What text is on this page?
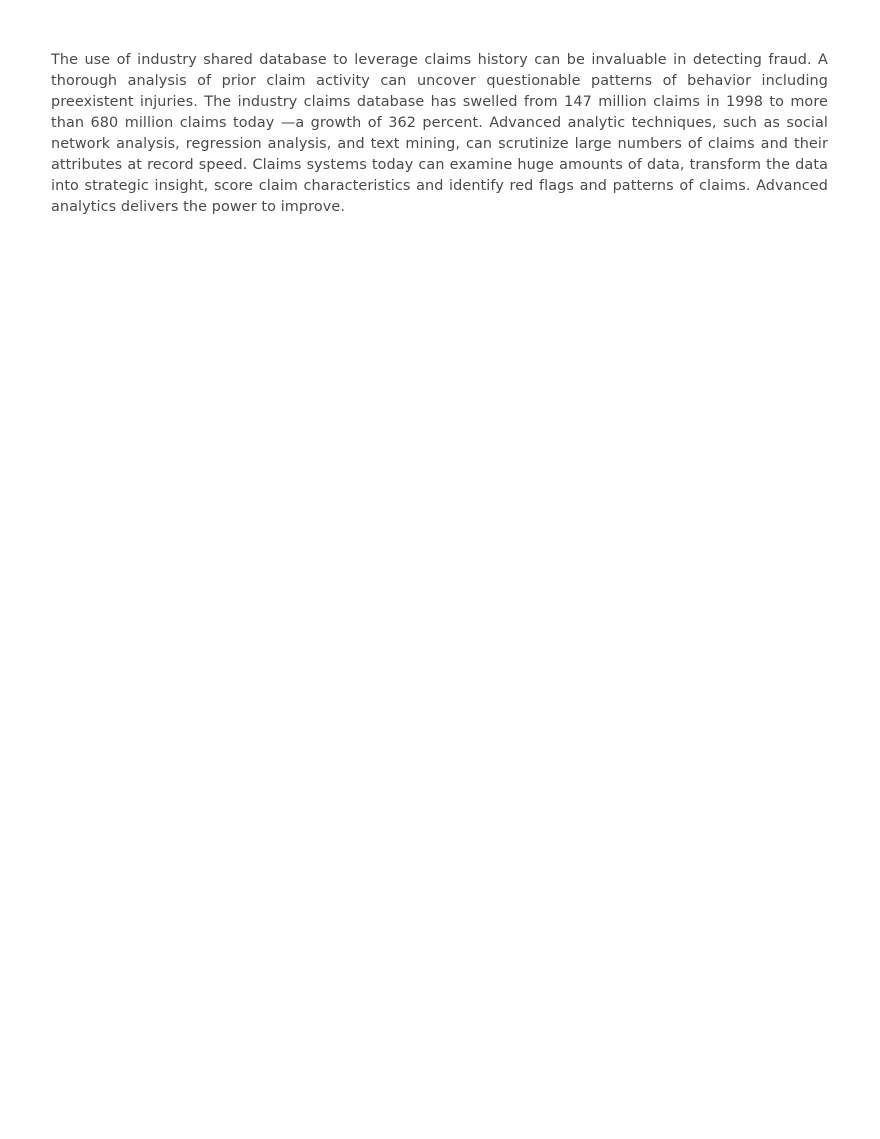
The use of industry shared database to leverage claims history can be invaluable in detecting fraud. A thorough analysis of prior claim activity can uncover questionable patterns of behavior including preexistent injuries. The industry claims database has swelled from 147 million claims in 1998 to more than 680 million claims today —a growth of 362 percent. Advanced analytic techniques, such as social network analysis, regression analysis, and text mining, can scrutinize large numbers of claims and their attributes at record speed. Claims systems today can examine huge amounts of data, transform the data into strategic insight, score claim characteristics and identify red flags and patterns of claims. Advanced analytics delivers the power to improve.
